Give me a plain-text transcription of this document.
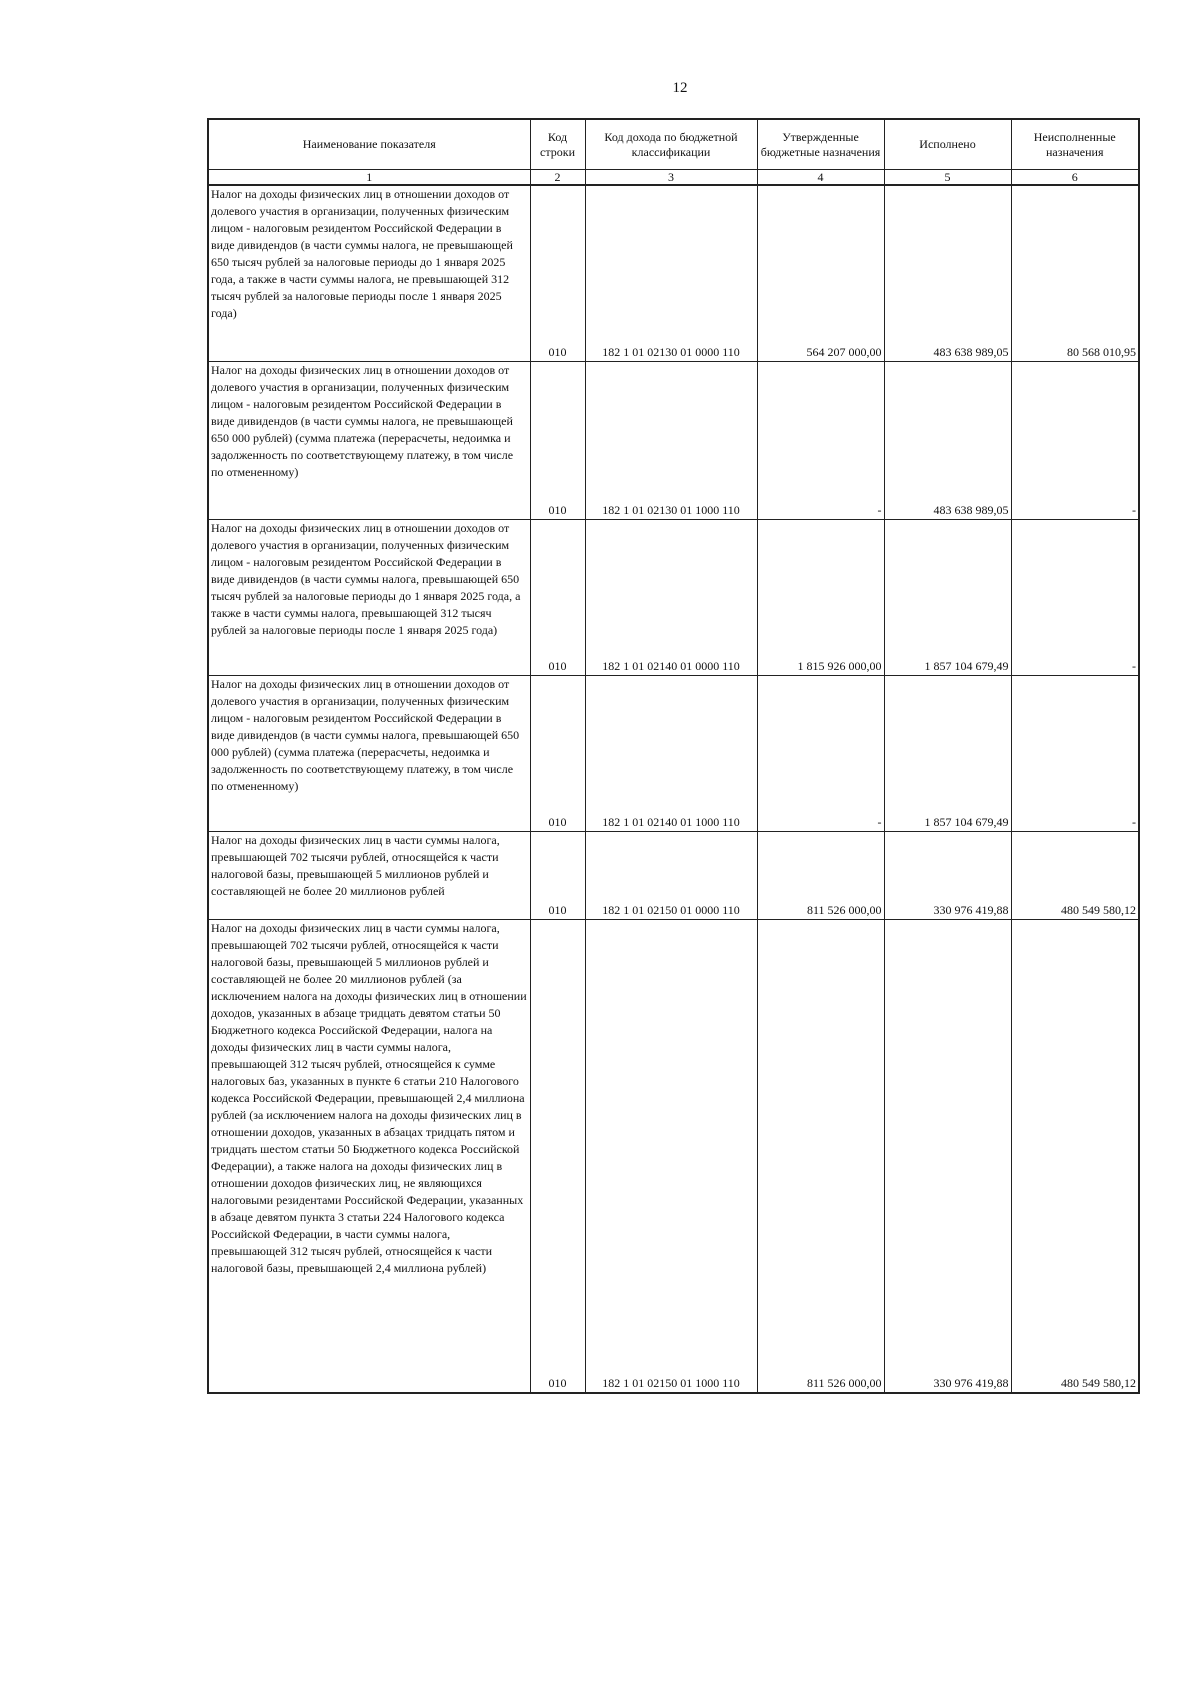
12
Наименование показателя	Код строки	Код дохода по бюджетной классификации	Утвержденные бюджетные назначения	Исполнено	Неисполненные назначения
1	2	3	4	5	6
Налог на доходы физических лиц в отношении доходов от долевого участия в организации, полученных физическим лицом - налоговым резидентом Российской Федерации в виде дивидендов (в части суммы налога, не превышающей 650 тысяч рублей за налоговые периоды до 1 января 2025 года, а также в части суммы налога, не превышающей 312 тысяч рублей за налоговые периоды после 1 января 2025 года)	010	182 1 01 02130 01 0000 110	564 207 000,00	483 638 989,05	80 568 010,95
Налог на доходы физических лиц в отношении доходов от долевого участия в организации, полученных физическим лицом - налоговым резидентом Российской Федерации в виде дивидендов (в части суммы налога, не превышающей 650 000 рублей) (сумма платежа (перерасчеты, недоимка и задолженность по соответствующему платежу, в том числе по отмененному)	010	182 1 01 02130 01 1000 110	-	483 638 989,05	-
Налог на доходы физических лиц в отношении доходов от долевого участия в организации, полученных физическим лицом - налоговым резидентом Российской Федерации в виде дивидендов (в части суммы налога, превышающей 650 тысяч рублей за налоговые периоды до 1 января 2025 года, а также в части суммы налога, превышающей 312 тысяч рублей за налоговые периоды после 1 января 2025 года)	010	182 1 01 02140 01 0000 110	1 815 926 000,00	1 857 104 679,49	-
Налог на доходы физических лиц в отношении доходов от долевого участия в организации, полученных физическим лицом - налоговым резидентом Российской Федерации в виде дивидендов (в части суммы налога, превышающей 650 000 рублей) (сумма платежа (перерасчеты, недоимка и задолженность по соответствующему платежу, в том числе по отмененному)	010	182 1 01 02140 01 1000 110	-	1 857 104 679,49	-
Налог на доходы физических лиц в части суммы налога, превышающей 702 тысячи рублей, относящейся к части налоговой базы, превышающей 5 миллионов рублей и составляющей не более 20 миллионов рублей	010	182 1 01 02150 01 0000 110	811 526 000,00	330 976 419,88	480 549 580,12
Налог на доходы физических лиц в части суммы налога, превышающей 702 тысячи рублей, относящейся к части налоговой базы, превышающей 5 миллионов рублей и составляющей не более 20 миллионов рублей (за исключением налога на доходы физических лиц в отношении доходов, указанных в абзаце тридцать девятом статьи 50 Бюджетного кодекса Российской Федерации, налога на доходы физических лиц в части суммы налога, превышающей 312 тысяч рублей, относящейся к сумме налоговых баз, указанных в пункте 6 статьи 210 Налогового кодекса Российской Федерации, превышающей 2,4 миллиона рублей (за исключением налога на доходы физических лиц в отношении доходов, указанных в абзацах тридцать пятом и тридцать шестом статьи 50 Бюджетного кодекса Российской Федерации), а также налога на доходы физических лиц в отношении доходов физических лиц, не являющихся налоговыми резидентами Российской Федерации, указанных в абзаце девятом пункта 3 статьи 224 Налогового кодекса Российской Федерации, в части суммы налога, превышающей 312 тысяч рублей, относящейся к части налоговой базы, превышающей 2,4 миллиона рублей)	010	182 1 01 02150 01 1000 110	811 526 000,00	330 976 419,88	480 549 580,12
